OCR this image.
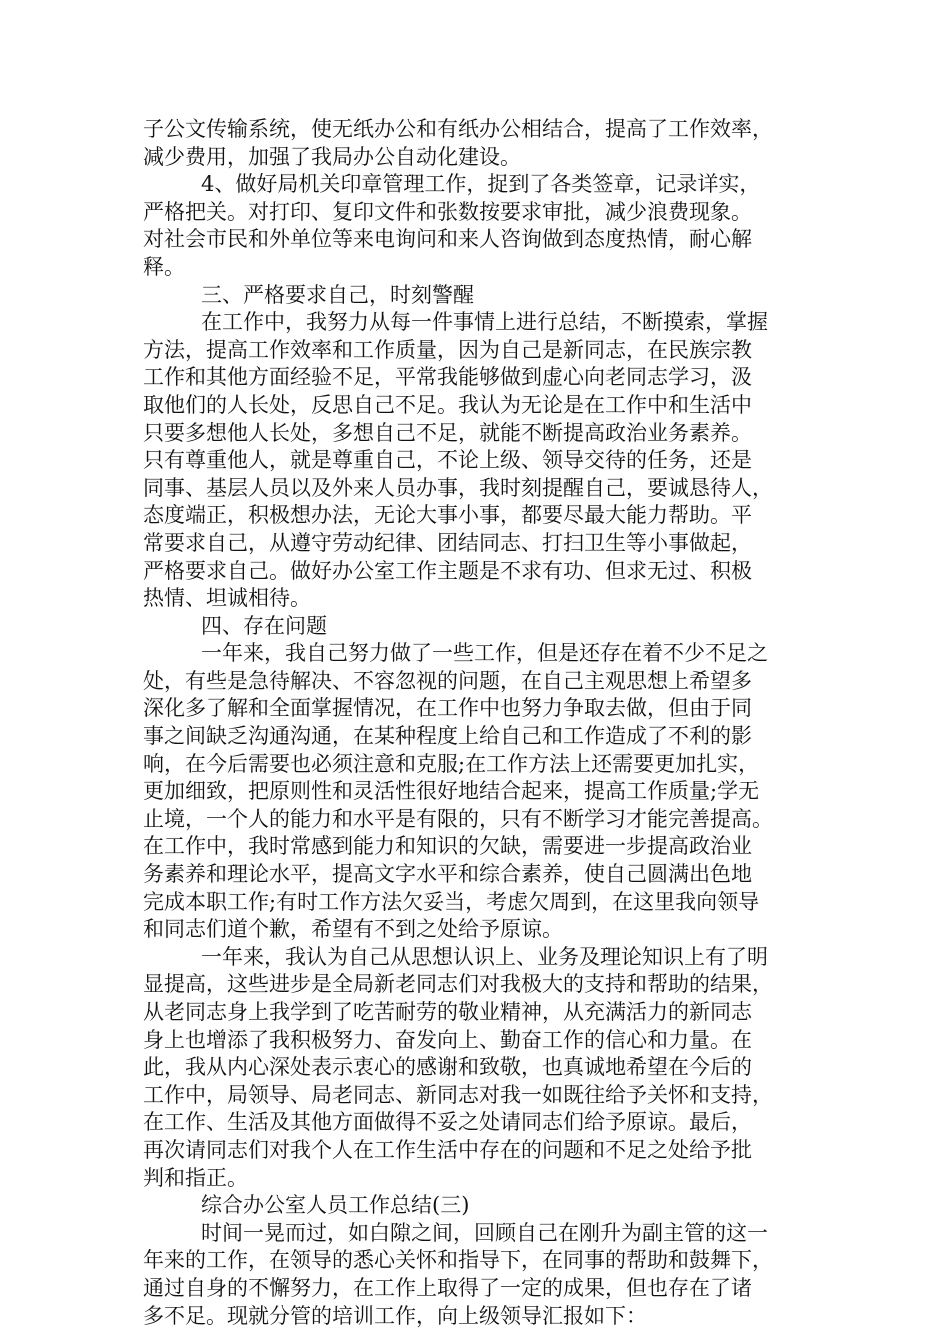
子公文传输系统，使无纸办公和有纸办公相结合，提高了工作效率，
减少费用，加强了我局办公自动化建设。
4、做好局机关印章管理工作，捉到了各类签章，记录详实，
严格把关。对打印、复印文件和张数按要求审批，减少浪费现象。
对社会市民和外单位等来电询问和来人咨询做到态度热情，耐心解
释。
三、严格要求自己，时刻警醒
在工作中，我努力从每一件事情上进行总结，不断摸索，掌握
方法，提高工作效率和工作质量，因为自己是新同志，在民族宗教
工作和其他方面经验不足，平常我能够做到虚心向老同志学习，汲
取他们的人长处，反思自己不足。我认为无论是在工作中和生活中
只要多想他人长处，多想自己不足，就能不断提高政治业务素养。
只有尊重他人，就是尊重自己，不论上级、领导交待的任务，还是
同事、基层人员以及外来人员办事，我时刻提醒自己，要诚恳待人，
态度端正，积极想办法，无论大事小事，都要尽最大能力帮助。平
常要求自己，从遵守劳动纪律、团结同志、打扫卫生等小事做起，
严格要求自己。做好办公室工作主题是不求有功、但求无过、积极
热情、坦诚相待。
四、存在问题
一年来，我自己努力做了一些工作，但是还存在着不少不足之
处，有些是急待解决、不容忽视的问题，在自己主观思想上希望多
深化多了解和全面掌握情况，在工作中也努力争取去做，但由于同
事之间缺乏沟通沟通，在某种程度上给自己和工作造成了不利的影
响，在今后需要也必须注意和克服;在工作方法上还需要更加扎实，
更加细致，把原则性和灵活性很好地结合起来，提高工作质量;学无
止境，一个人的能力和水平是有限的，只有不断学习才能完善提高。
在工作中，我时常感到能力和知识的欠缺，需要进一步提高政治业
务素养和理论水平，提高文字水平和综合素养，使自己圆满出色地
完成本职工作;有时工作方法欠妥当，考虑欠周到，在这里我向领导
和同志们道个歉，希望有不到之处给予原谅。
一年来，我认为自己从思想认识上、业务及理论知识上有了明
显提高，这些进步是全局新老同志们对我极大的支持和帮助的结果，
从老同志身上我学到了吃苦耐劳的敬业精神，从充满活力的新同志
身上也增添了我积极努力、奋发向上、勤奋工作的信心和力量。在
此，我从内心深处表示衷心的感谢和致敬，也真诚地希望在今后的
工作中，局领导、局老同志、新同志对我一如既往给予关怀和支持，
在工作、生活及其他方面做得不妥之处请同志们给予原谅。最后，
再次请同志们对我个人在工作生活中存在的问题和不足之处给予批
判和指正。
综合办公室人员工作总结(三)
时间一晃而过，如白隙之间，回顾自己在刚升为副主管的这一
年来的工作，在领导的悉心关怀和指导下，在同事的帮助和鼓舞下，
通过自身的不懈努力，在工作上取得了一定的成果，但也存在了诸
多不足。现就分管的培训工作，向上级领导汇报如下：
